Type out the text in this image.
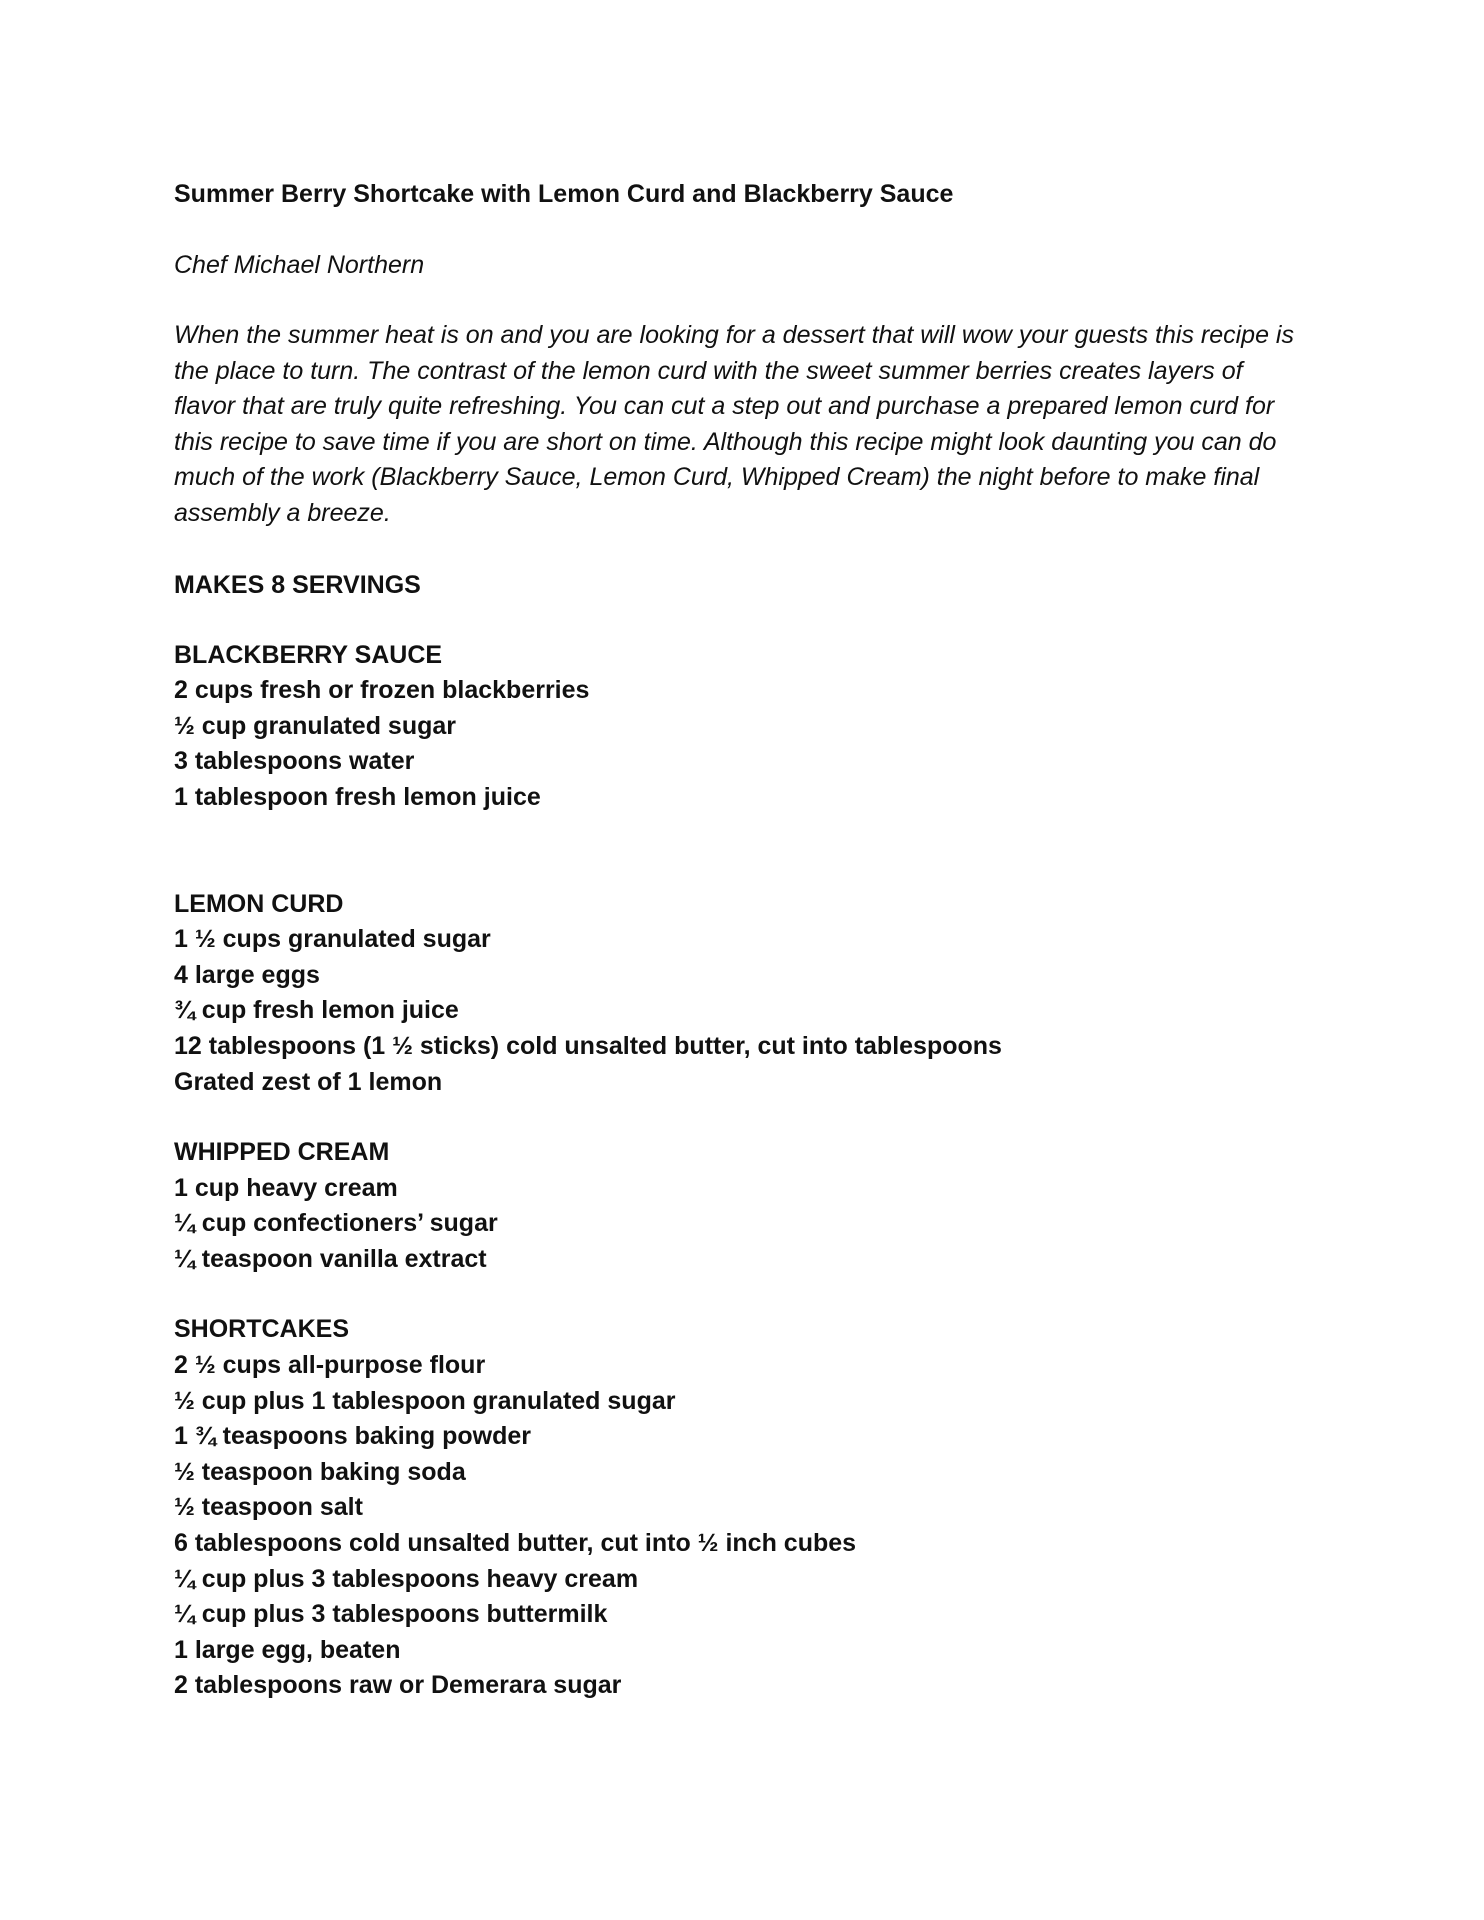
Summer Berry Shortcake with Lemon Curd and Blackberry Sauce

Chef Michael Northern

When the summer heat is on and you are looking for a dessert that will wow your guests this recipe is the place to turn. The contrast of the lemon curd with the sweet summer berries creates layers of flavor that are truly quite refreshing. You can cut a step out and purchase a prepared lemon curd for this recipe to save time if you are short on time. Although this recipe might look daunting you can do much of the work (Blackberry Sauce, Lemon Curd, Whipped Cream) the night before to make final assembly a breeze.

MAKES 8 SERVINGS

BLACKBERRY SAUCE
2 cups fresh or frozen blackberries
½ cup granulated sugar
3 tablespoons water
1 tablespoon fresh lemon juice
LEMON CURD
1 ½ cups granulated sugar
4 large eggs
¾ cup fresh lemon juice
12 tablespoons (1 ½ sticks) cold unsalted butter, cut into tablespoons
Grated zest of 1 lemon
WHIPPED CREAM
1 cup heavy cream
¼ cup confectioners’ sugar
¼ teaspoon vanilla extract
SHORTCAKES
2 ½ cups all-purpose flour
½ cup plus 1 tablespoon granulated sugar
1 ¾ teaspoons baking powder
½ teaspoon baking soda
½ teaspoon salt
6 tablespoons cold unsalted butter, cut into ½ inch cubes
¼ cup plus 3 tablespoons heavy cream
¼ cup plus 3 tablespoons buttermilk
1 large egg, beaten
2 tablespoons raw or Demerara sugar
